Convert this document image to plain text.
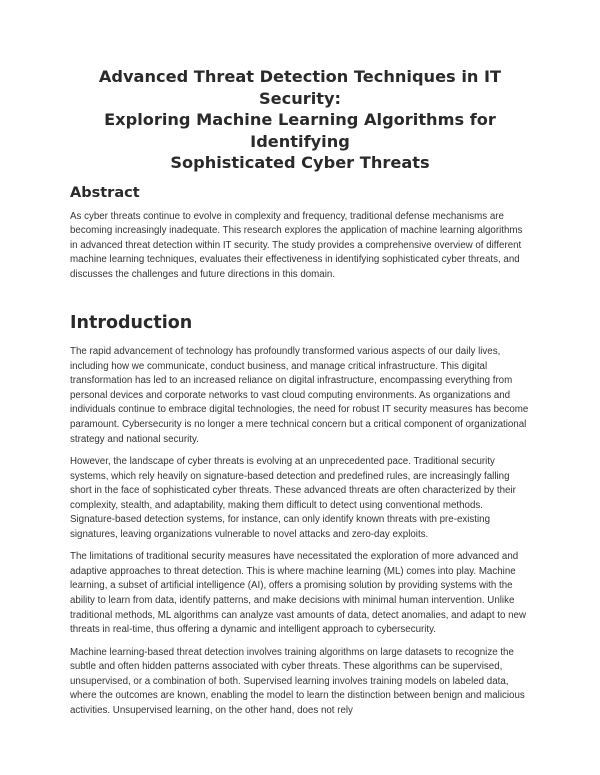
Advanced Threat Detection Techniques in IT Security:
Exploring Machine Learning Algorithms for Identifying
Sophisticated Cyber Threats
Abstract

As cyber threats continue to evolve in complexity and frequency, traditional defense mechanisms are becoming increasingly inadequate. This research explores the application of machine learning algorithms in advanced threat detection within IT security. The study provides a comprehensive overview of different machine learning techniques, evaluates their effectiveness in identifying sophisticated cyber threats, and discusses the challenges and future directions in this domain.

Introduction

The rapid advancement of technology has profoundly transformed various aspects of our daily lives, including how we communicate, conduct business, and manage critical infrastructure. This digital transformation has led to an increased reliance on digital infrastructure, encompassing everything from personal devices and corporate networks to vast cloud computing environments. As organizations and individuals continue to embrace digital technologies, the need for robust IT security measures has become paramount. Cybersecurity is no longer a mere technical concern but a critical component of organizational strategy and national security.

However, the landscape of cyber threats is evolving at an unprecedented pace. Traditional security systems, which rely heavily on signature-based detection and predefined rules, are increasingly falling short in the face of sophisticated cyber threats. These advanced threats are often characterized by their complexity, stealth, and adaptability, making them difficult to detect using conventional methods. Signature-based detection systems, for instance, can only identify known threats with pre-existing signatures, leaving organizations vulnerable to novel attacks and zero-day exploits.

The limitations of traditional security measures have necessitated the exploration of more advanced and adaptive approaches to threat detection. This is where machine learning (ML) comes into play. Machine learning, a subset of artificial intelligence (AI), offers a promising solution by providing systems with the ability to learn from data, identify patterns, and make decisions with minimal human intervention. Unlike traditional methods, ML algorithms can analyze vast amounts of data, detect anomalies, and adapt to new threats in real-time, thus offering a dynamic and intelligent approach to cybersecurity.

Machine learning-based threat detection involves training algorithms on large datasets to recognize the subtle and often hidden patterns associated with cyber threats. These algorithms can be supervised, unsupervised, or a combination of both. Supervised learning involves training models on labeled data, where the outcomes are known, enabling the model to learn the distinction between benign and malicious activities. Unsupervised learning, on the other hand, does not rely
